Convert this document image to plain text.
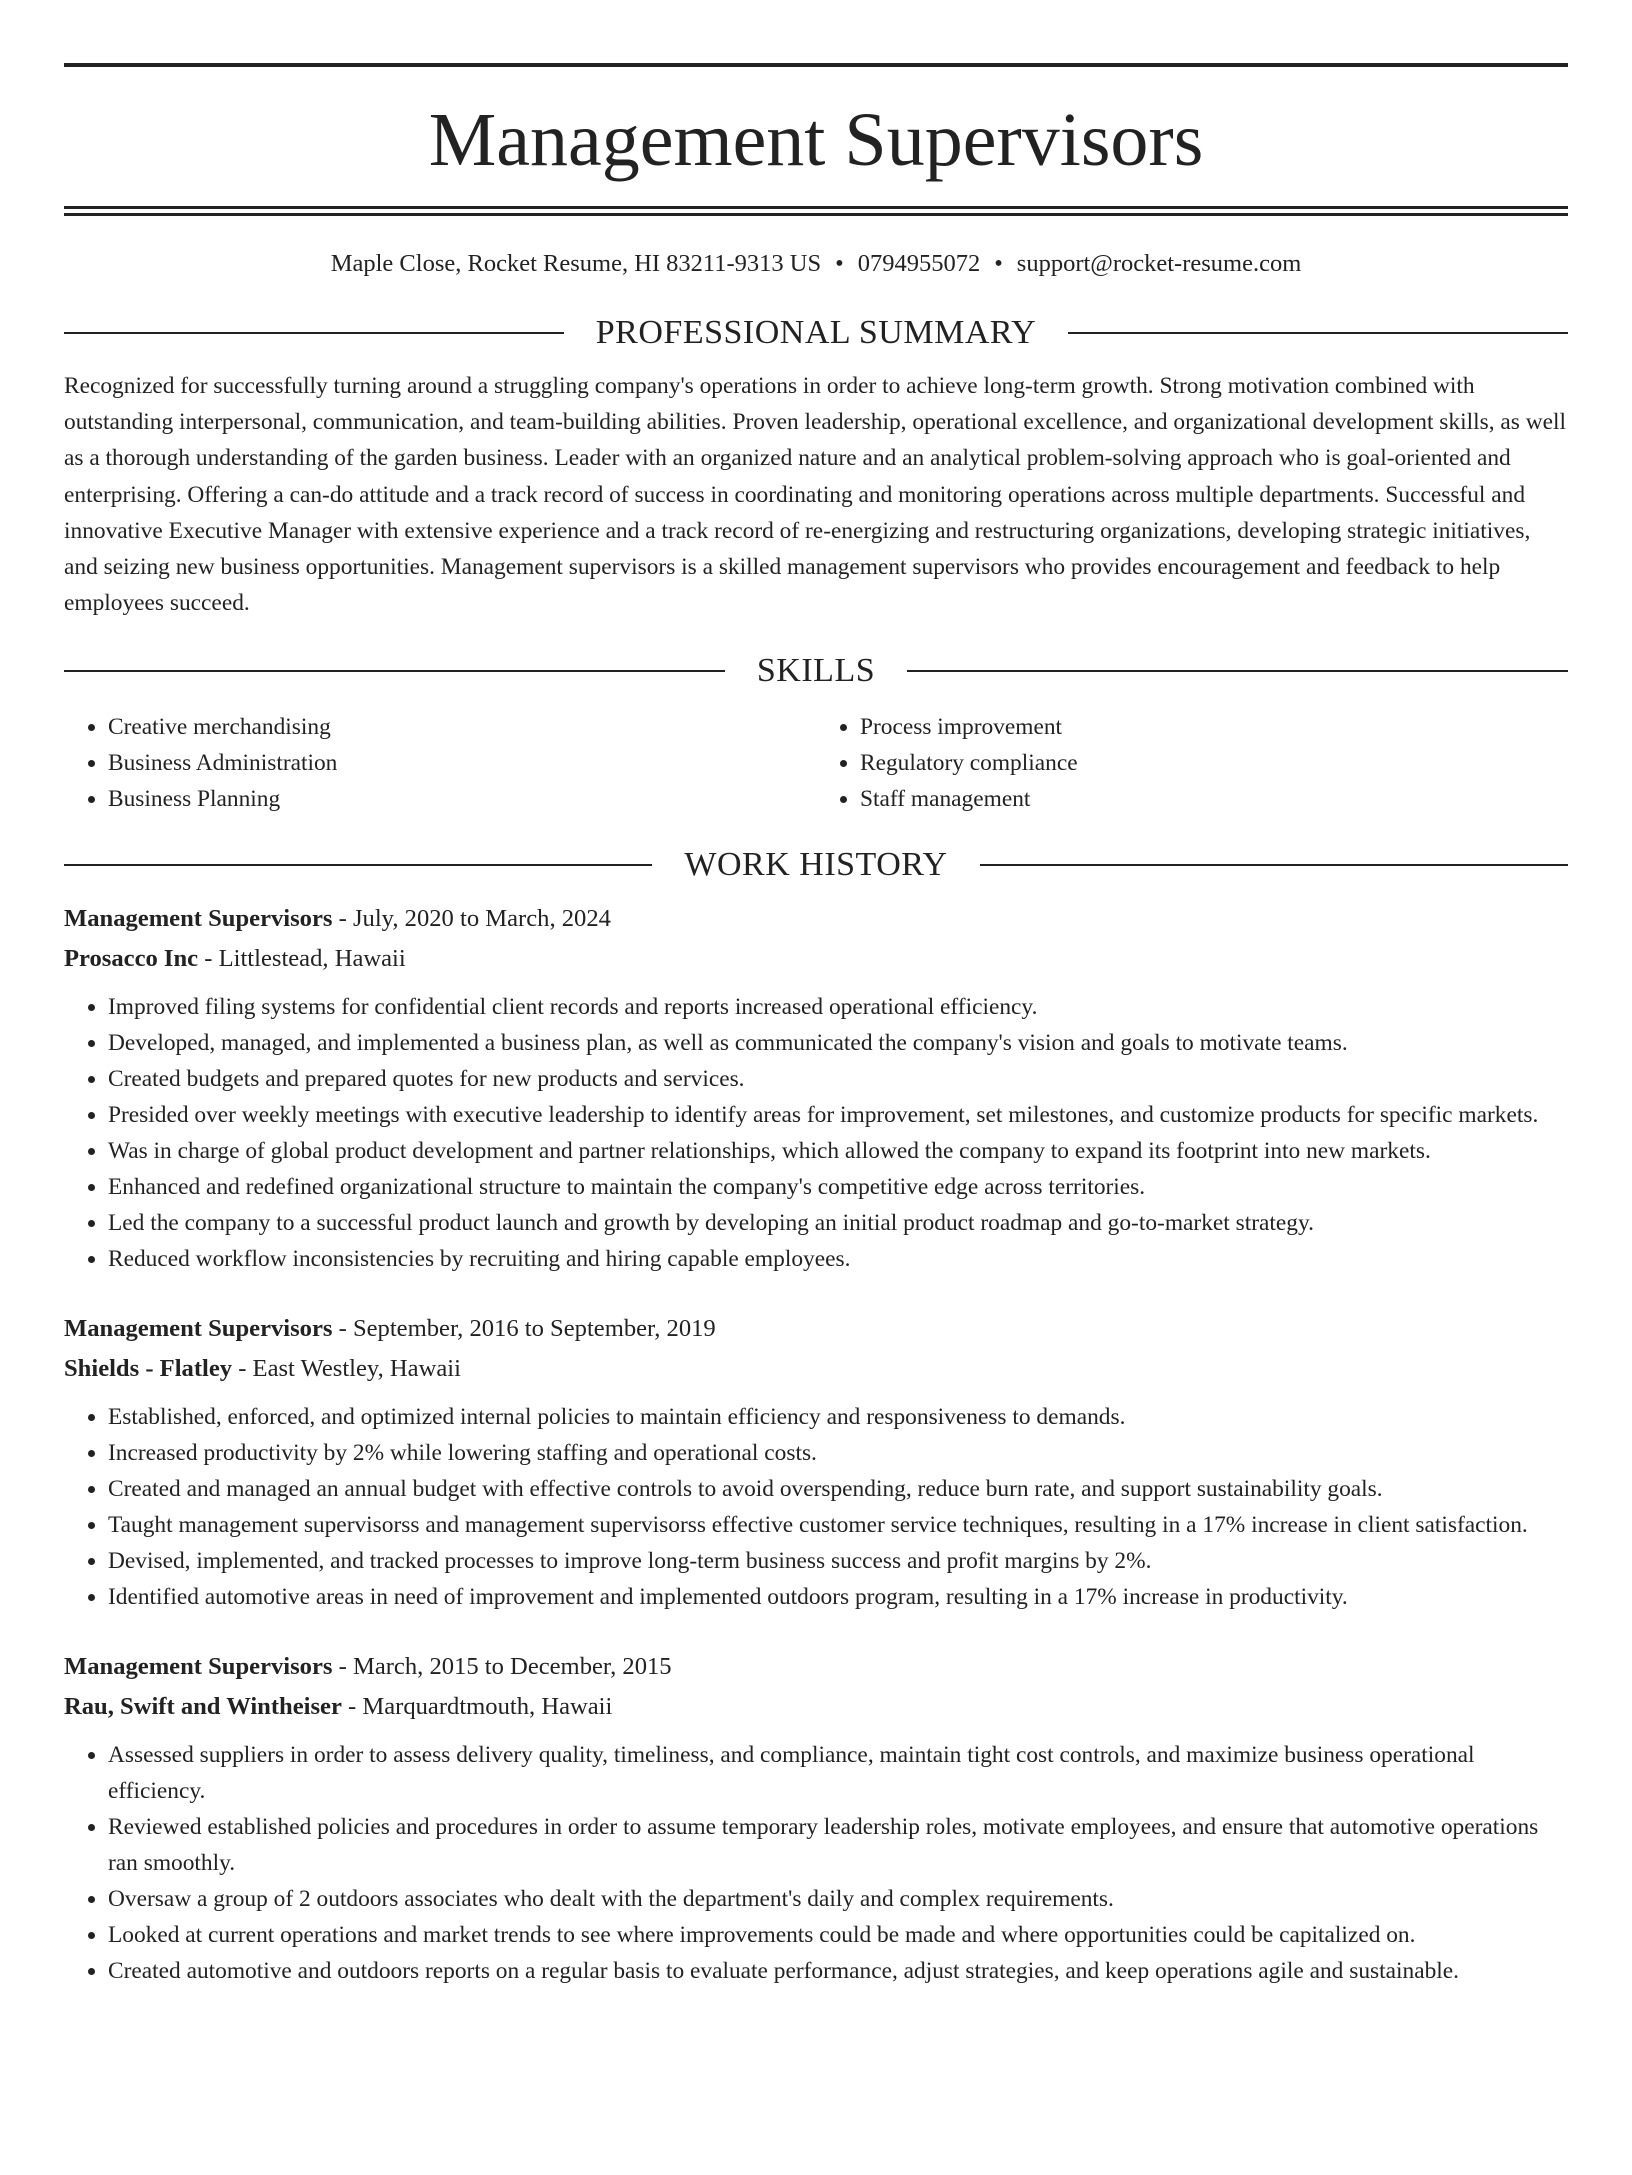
Management Supervisors
Maple Close, Rocket Resume, HI 83211-9313 US • 0794955072 • support@rocket-resume.com
PROFESSIONAL SUMMARY
Recognized for successfully turning around a struggling company's operations in order to achieve long-term growth. Strong motivation combined with outstanding interpersonal, communication, and team-building abilities. Proven leadership, operational excellence, and organizational development skills, as well as a thorough understanding of the garden business. Leader with an organized nature and an analytical problem-solving approach who is goal-oriented and enterprising. Offering a can-do attitude and a track record of success in coordinating and monitoring operations across multiple departments. Successful and innovative Executive Manager with extensive experience and a track record of re-energizing and restructuring organizations, developing strategic initiatives, and seizing new business opportunities. Management supervisors is a skilled management supervisors who provides encouragement and feedback to help employees succeed.
SKILLS
• Creative merchandising
• Business Administration
• Business Planning
• Process improvement
• Regulatory compliance
• Staff management
WORK HISTORY
Management Supervisors - July, 2020 to March, 2024
Prosacco Inc - Littlestead, Hawaii
• Improved filing systems for confidential client records and reports increased operational efficiency.
• Developed, managed, and implemented a business plan, as well as communicated the company's vision and goals to motivate teams.
• Created budgets and prepared quotes for new products and services.
• Presided over weekly meetings with executive leadership to identify areas for improvement, set milestones, and customize products for specific markets.
• Was in charge of global product development and partner relationships, which allowed the company to expand its footprint into new markets.
• Enhanced and redefined organizational structure to maintain the company's competitive edge across territories.
• Led the company to a successful product launch and growth by developing an initial product roadmap and go-to-market strategy.
• Reduced workflow inconsistencies by recruiting and hiring capable employees.
Management Supervisors - September, 2016 to September, 2019
Shields - Flatley - East Westley, Hawaii
• Established, enforced, and optimized internal policies to maintain efficiency and responsiveness to demands.
• Increased productivity by 2% while lowering staffing and operational costs.
• Created and managed an annual budget with effective controls to avoid overspending, reduce burn rate, and support sustainability goals.
• Taught management supervisorss and management supervisorss effective customer service techniques, resulting in a 17% increase in client satisfaction.
• Devised, implemented, and tracked processes to improve long-term business success and profit margins by 2%.
• Identified automotive areas in need of improvement and implemented outdoors program, resulting in a 17% increase in productivity.
Management Supervisors - March, 2015 to December, 2015
Rau, Swift and Wintheiser - Marquardtmouth, Hawaii
• Assessed suppliers in order to assess delivery quality, timeliness, and compliance, maintain tight cost controls, and maximize business operational efficiency.
• Reviewed established policies and procedures in order to assume temporary leadership roles, motivate employees, and ensure that automotive operations ran smoothly.
• Oversaw a group of 2 outdoors associates who dealt with the department's daily and complex requirements.
• Looked at current operations and market trends to see where improvements could be made and where opportunities could be capitalized on.
• Created automotive and outdoors reports on a regular basis to evaluate performance, adjust strategies, and keep operations agile and sustainable.
